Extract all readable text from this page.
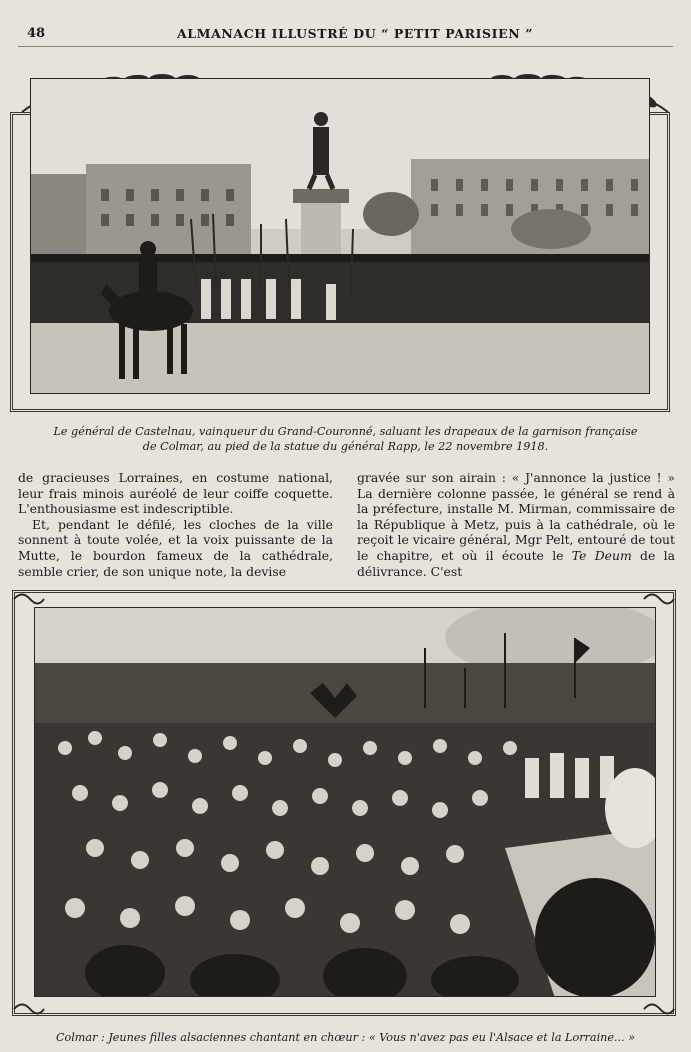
48	ALMANACH ILLUSTRÉ DU “ PETIT PARISIEN ”
Le général de Castelnau, vainqueur du Grand-Couronné, saluant les drapeaux de la garnison française
de Colmar, au pied de la statue du général Rapp, le 22 novembre 1918.

de gracieuses Lorraines, en costume national, leur frais minois auréolé de leur coiffe coquette. L'enthousiasme est indescriptible.

Et, pendant le défilé, les cloches de la ville sonnent à toute volée, et la voix puissante de la Mutte, le bourdon fameux de la cathédrale, semble crier, de son unique note, la devise

gravée sur son airain : « J'annonce la justice ! » La dernière colonne passée, le général se rend à la préfecture, installe M. Mirman, commissaire de la République à Metz, puis à la cathédrale, où le reçoit le vicaire général, Mgr Pelt, entouré de tout le chapitre, et où il écoute le Te Deum de la délivrance. C'est

Colmar : Jeunes filles alsaciennes chantant en chœur : « Vous n'avez pas eu l'Alsace et la Lorraine... »
